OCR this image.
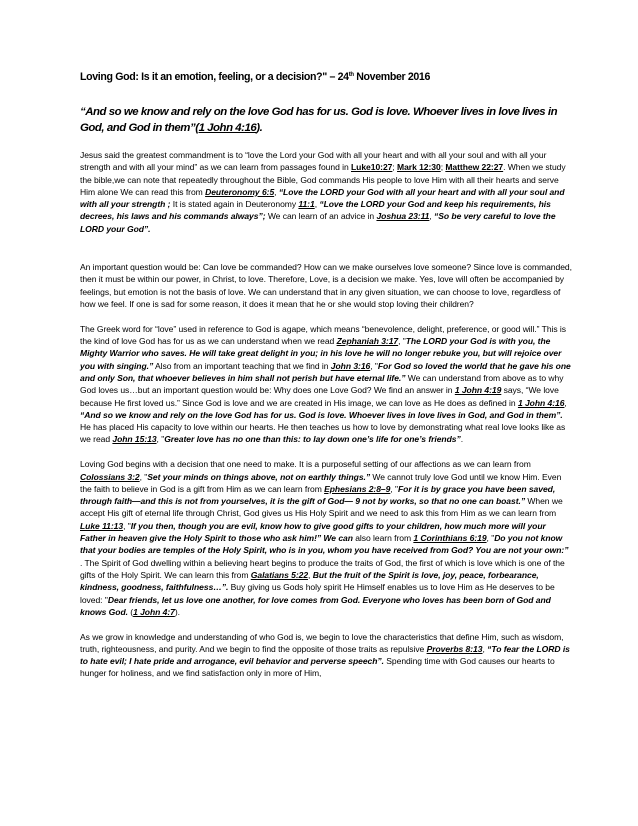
Loving God: Is it an emotion, feeling, or a decision?" – 24th November 2016
“And so we know and rely on the love God has for us. God is love. Whoever lives in love lives in God, and God in them”(1 John 4:16).

Jesus said the greatest commandment is to “love the Lord your God with all your heart and with all your soul and with all your strength and with all your mind” as we can learn from passages found in Luke10:27; Mark 12:30; Matthew 22:27. When we study the bible,we can note that repeatedly throughout the Bible, God commands His people to love Him with all their hearts and serve Him alone We can read this from Deuteronomy 6:5, “Love the LORD your God with all your heart and with all your soul and with all your strength ; It is stated again in Deuteronomy 11:1, “Love the LORD your God and keep his requirements, his decrees, his laws and his commands always”; We can learn of an advice in Joshua 23:11, “So be very careful to love the LORD your God”.

An important question would be: Can love be commanded? How can we make ourselves love someone? Since love is commanded, then it must be within our power, in Christ, to love. Therefore, Love, is a decision we make. Yes, love will often be accompanied by feelings, but emotion is not the basis of love. We can understand that in any given situation, we can choose to love, regardless of how we feel. If one is sad for some reason, it does it mean that he or she would stop loving their children?

The Greek word for “love” used in reference to God is agape, which means “benevolence, delight, preference, or good will.” This is the kind of love God has for us as we can understand when we read Zephaniah 3:17, "The LORD your God is with you, the Mighty Warrior who saves. He will take great delight in you; in his love he will no longer rebuke you, but will rejoice over you with singing.” Also from an important teaching that we find in John 3:16, "For God so loved the world that he gave his one and only Son, that whoever believes in him shall not perish but have eternal life.” We can understand from above as to why God loves us…but an important question would be: Why does one Love God? We find an answer in 1 John 4:19 says, “We love because He first loved us.” Since God is love and we are created in His image, we can love as He does as defined in 1 John 4:16, “And so we know and rely on the love God has for us. God is love. Whoever lives in love lives in God, and God in them”. He has placed His capacity to love within our hearts. He then teaches us how to love by demonstrating what real love looks like as we read John 15:13, "Greater love has no one than this: to lay down one’s life for one’s friends”.

Loving God begins with a decision that one need to make. It is a purposeful setting of our affections as we can learn from Colossians 3:2, "Set your minds on things above, not on earthly things.” We cannot truly love God until we know Him. Even the faith to believe in God is a gift from Him as we can learn from Ephesians 2:8–9, "For it is by grace you have been saved, through faith—and this is not from yourselves, it is the gift of God— 9 not by works, so that no one can boast.” When we accept His gift of eternal life through Christ, God gives us His Holy Spirit and we need to ask this from Him as we can learn from Luke 11:13, "If you then, though you are evil, know how to give good gifts to your children, how much more will your Father in heaven give the Holy Spirit to those who ask him!” We can also learn from 1 Corinthians 6:19, "Do you not know that your bodies are temples of the Holy Spirit, who is in you, whom you have received from God? You are not your own:” . The Spirit of God dwelling within a believing heart begins to produce the traits of God, the first of which is love which is one of the gifts of the Holy Spirit. We can learn this from Galatians 5:22, But the fruit of the Spirit is love, joy, peace, forbearance, kindness, goodness, faithfulness…”. Buy giving us Gods holy spirit He Himself enables us to love Him as He deserves to be loved: "Dear friends, let us love one another, for love comes from God. Everyone who loves has been born of God and knows God. (1 John 4:7).

As we grow in knowledge and understanding of who God is, we begin to love the characteristics that define Him, such as wisdom, truth, righteousness, and purity. And we begin to find the opposite of those traits as repulsive Proverbs 8:13, “To fear the LORD is to hate evil; I hate pride and arrogance, evil behavior and perverse speech”. Spending time with God causes our hearts to hunger for holiness, and we find satisfaction only in more of Him,
